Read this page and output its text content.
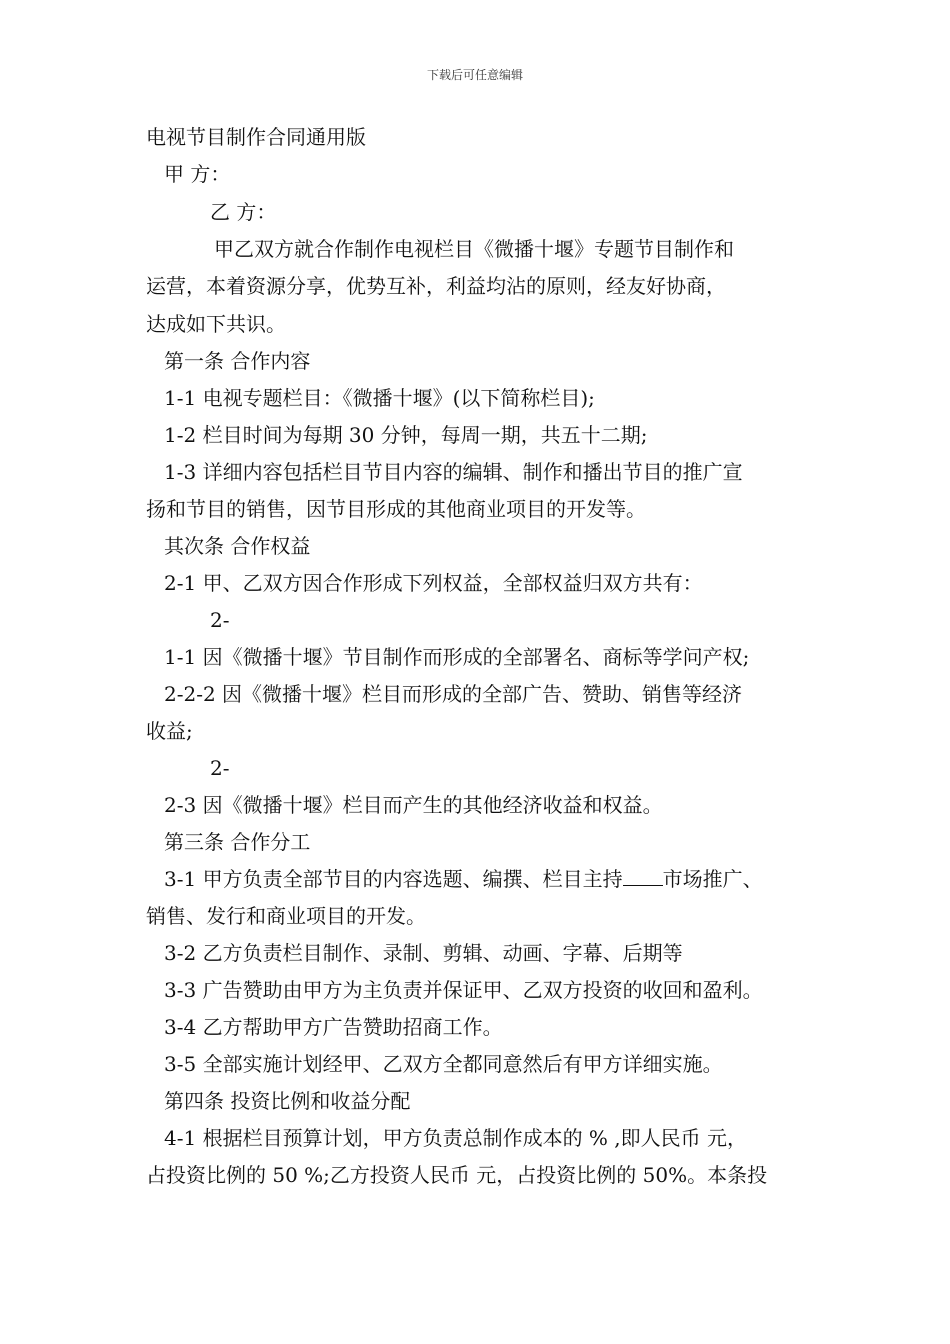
下载后可任意编辑
电视节目制作合同通用版
甲 方：
乙 方：
甲乙双方就合作制作电视栏目《微播十堰》专题节目制作和
运营，本着资源分享，优势互补，利益均沾的原则，经友好协商，
达成如下共识。
第一条 合作内容
1-1 电视专题栏目：《微播十堰》(以下简称栏目);
1-2 栏目时间为每期 30 分钟，每周一期，共五十二期;
1-3 详细内容包括栏目节目内容的编辑、制作和播出节目的推广宣
扬和节目的销售，因节目形成的其他商业项目的开发等。
其次条 合作权益
2-1 甲、乙双方因合作形成下列权益，全部权益归双方共有：
2-
1-1 因《微播十堰》节目制作而形成的全部署名、商标等学问产权;
2-2-2 因《微播十堰》栏目而形成的全部广告、赞助、销售等经济
收益;
2-
2-3 因《微播十堰》栏目而产生的其他经济收益和权益。
第三条 合作分工
3-1 甲方负责全部节目的内容选题、编撰、栏目主持 市场推广、
销售、发行和商业项目的开发。
3-2 乙方负责栏目制作、录制、剪辑、动画、字幕、后期等
3-3 广告赞助由甲方为主负责并保证甲、乙双方投资的收回和盈利。
3-4 乙方帮助甲方广告赞助招商工作。
3-5 全部实施计划经甲、乙双方全都同意然后有甲方详细实施。
第四条 投资比例和收益分配
4-1 根据栏目预算计划，甲方负责总制作成本的 % ,即人民币 元，
占投资比例的 50 %;乙方投资人民币 元，占投资比例的 50%。本条投
